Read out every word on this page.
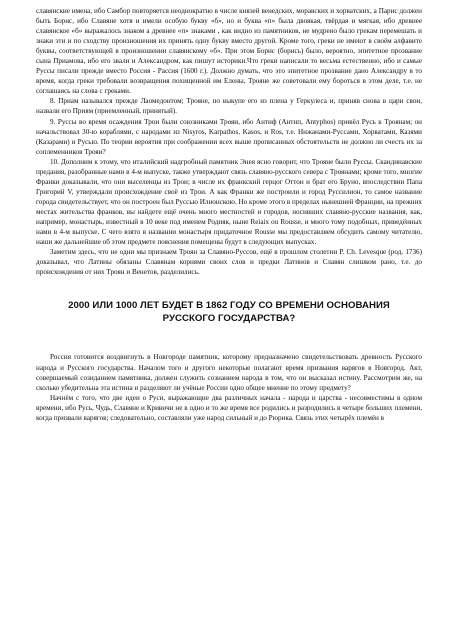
славянские имена, ибо Самбор повторяется неоднократно в числе князей венедских, моравских и хорватских, а Парис должен быть Борис, ибо Славяне хотя и имели особую букву «б», но и буква «п» была двоякая, твёрдая и мягкая, ибо древнее славянское «б» выражалось знаком а древнее «п» знаками , как видно из памятников, не мудрено было грекам перемешать и знаки эти и по сходству произношения их принять одну букву вместо другой. Кроме того, греки не имеют в своём алфавите буквы, соответствующей в произношении славянскому «б». При этом Борис (борись) было, вероятно, эпитетное прозвание сына Приамова, ибо его звали и Александром, как пишут историки.Что греки написали то весьма естественно, ибо и самые Руссы писали прежде вместо Россия - Рассия (1600 г.). Должно думать, что это эпитетное прозвание дано Александру в то время, когда греки требовали возвращения похищенной им Елены, Трояне же советовали ему бороться в этом деле, т.е. не соглашаясь на слова с греками.

8. Приам назывался прежде Лаомедонтом; Трояне, по выкупе его из плена у Геркулеса и, приняв снова в цари свои, назвали его Приям (приемленный, принятый).

9. Руссы во время осаждения Трои были союзниками Трояи, ибо Антиф (Антип, Antyphos) привёл Русь к Троянам; он начальствовал 30-ю кораблями, с народами из Nisyros, Karpathos, Kasos, и Ros, т.е. Нижанами-Руссами, Хорватами, Казями (Казарами) и Русью. По теории вероятия при соображении всех выше прописанных обстоятельств не должно ли счесть их за соплеменников Трояи?

10. Дополним к этому, что италийский надгробный памятник Энея ясно говорит, что Трояне были Руссы. Скандинавские предания, разобранные нами в 4-м выпуске, также утверждают связь славяно-русского севера с Троянами; кроме того, многие Франки доказывали, что они выселенцы из Трои; в числе их франкский герцог Оттон и брат его Бруно, впоследствии Папа Григорий V, утверждали происхождение своё из Трои. А как Франки же построили и город Руссилион, то самое название города свидетельствует, что он построен был Руссью Илионскою. Но кроме этого в пределах нынешней Франции, на прежних местах жительства франков, вы найдете ещё очень много местностей и городов, носивших славяно-русские названия, как, например, монастырь, известный в 10 веке под именем Родияк, ныне Reiaix ou Rousse, и много тому подобных, приведённых нами в 4-м выпуске. С чего взято в названии монастыря придаточное Rousse мы предоставляем обсудить самому читателю, наши же дальнейшие об этом предмете пояснения помещены будут в следующих выпусках.

Заметим здесь, что не одни мы признаем Троян за Славяно-Руссов, ещё в прошлом столетии P. Ch. Levesque (род. 1736) доказывал, что Латины обязаны Славянам корнями своих слов и предки Латинов и Славян слишком рано, т.е. до происхождения от них Троян и Венетов, разделились.

2000 ИЛИ 1000 ЛЕТ БУДЕТ В 1862 ГОДУ СО ВРЕМЕНИ ОСНОВАНИЯ
РУССКОГО ГОСУДАРСТВА?

Россия готовится воздвигнуть в Новгороде памятник, которому предназначено свидетельствовать древность Русского народа и Русского государства. Началом того и другого некоторые полагают время призвания варягов в Новгород. Акт, совершаемый созиданием памятника, должен служить сознанием народа в том, что он высказал истину. Рассмотрим же, на сколько убедительна эта истина и разделяют ли учёные России одно общее мнение по этому предмету?

Начнём с того, что две идеи о Руси, выражающие два различных начала - народа и царства - несовместимы в одном времени, ибо Русь, Чудь, Славяне и Кривичи не в одно и то же время все родились и разродились в четыре больших племени, когда призвали варягов; следовательно, составляли уже народ сильный и до Рюрика. Связь этих четырёх племён в
